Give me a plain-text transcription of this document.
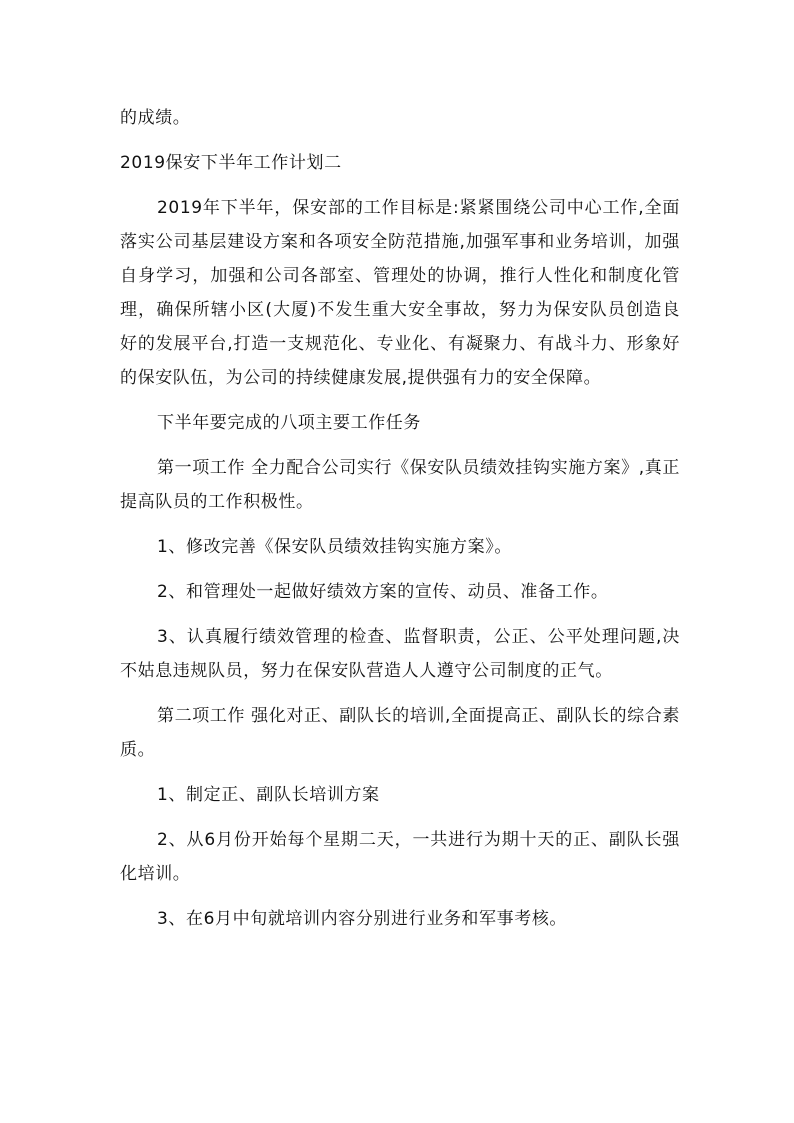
的成绩。

2019保安下半年工作计划二

2019年下半年，保安部的工作目标是:紧紧围绕公司中心工作,全面落实公司基层建设方案和各项安全防范措施,加强军事和业务培训，加强自身学习，加强和公司各部室、管理处的协调，推行人性化和制度化管理，确保所辖小区(大厦)不发生重大安全事故，努力为保安队员创造良好的发展平台,打造一支规范化、专业化、有凝聚力、有战斗力、形象好的保安队伍，为公司的持续健康发展,提供强有力的安全保障。

下半年要完成的八项主要工作任务

第一项工作 全力配合公司实行《保安队员绩效挂钩实施方案》,真正提高队员的工作积极性。

1、修改完善《保安队员绩效挂钩实施方案》。

2、和管理处一起做好绩效方案的宣传、动员、准备工作。

3、认真履行绩效管理的检查、监督职责，公正、公平处理问题,决不姑息违规队员，努力在保安队营造人人遵守公司制度的正气。

第二项工作 强化对正、副队长的培训,全面提高正、副队长的综合素质。

1、制定正、副队长培训方案

2、从6月份开始每个星期二天，一共进行为期十天的正、副队长强化培训。

3、在6月中旬就培训内容分别进行业务和军事考核。
